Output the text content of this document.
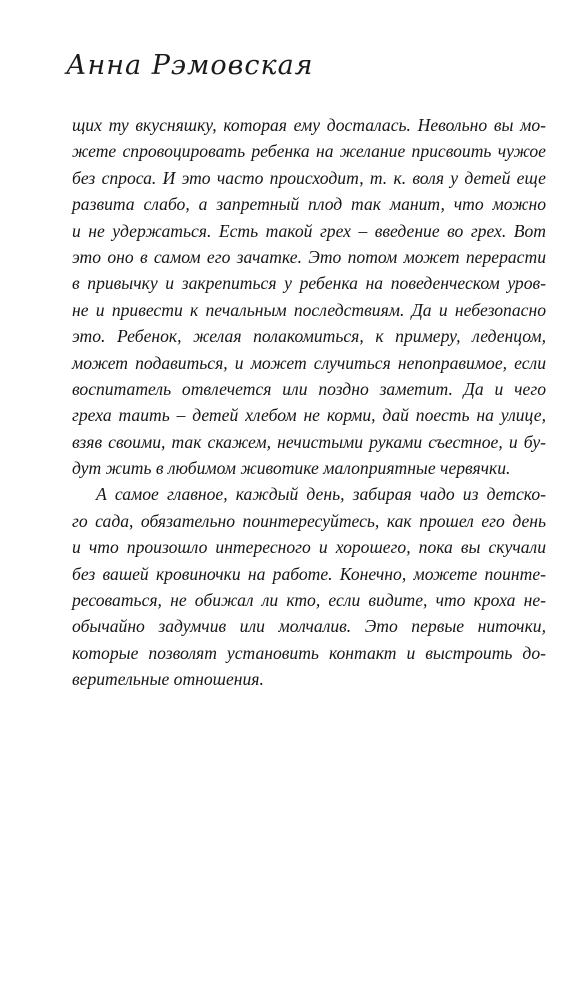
Анна Рэмовская
щих ту вкусняшку, которая ему досталась. Невольно вы мо-
жете спровоцировать ребенка на желание присвоить чужое
без спроса. И это часто происходит, т. к. воля у детей еще
развита слабо, а запретный плод так манит, что можно
и не удержаться. Есть такой грех – введение во грех. Вот
это оно в самом его зачатке. Это потом может перерасти
в привычку и закрепиться у ребенка на поведенческом уров-
не и привести к печальным последствиям. Да и небезопасно
это. Ребенок, желая полакомиться, к примеру, леденцом,
может подавиться, и может случиться непоправимое, если
воспитатель отвлечется или поздно заметит. Да и чего
греха таить – детей хлебом не корми, дай поесть на улице,
взяв своими, так скажем, нечистыми руками съестное, и бу-
дут жить в любимом животике малоприятные червячки.
А самое главное, каждый день, забирая чадо из детско-
го сада, обязательно поинтересуйтесь, как прошел его день
и что произошло интересного и хорошего, пока вы скучали
без вашей кровиночки на работе. Конечно, можете поинте-
ресоваться, не обижал ли кто, если видите, что кроха не-
обычайно задумчив или молчалив. Это первые ниточки,
которые позволят установить контакт и выстроить до-
верительные отношения.
